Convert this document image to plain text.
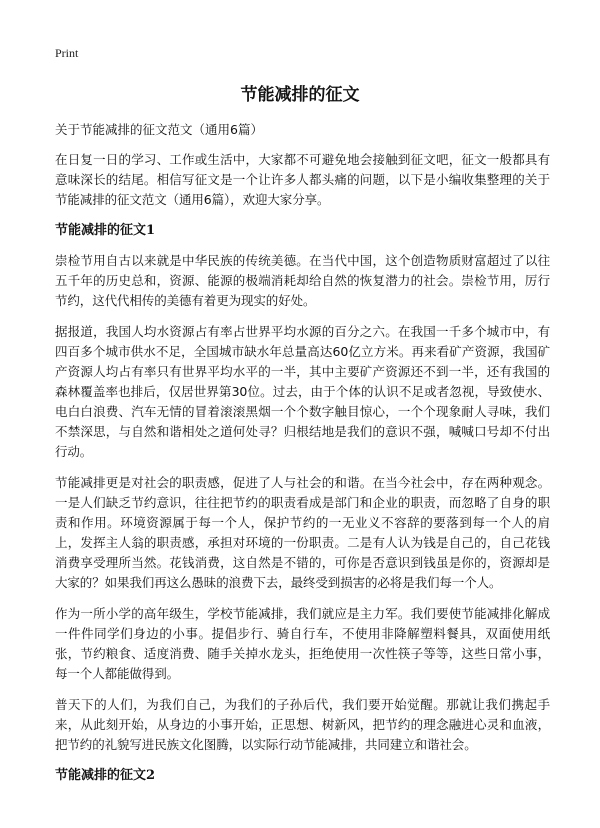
Print
节能减排的征文

关于节能减排的征文范文（通用6篇）

在日复一日的学习、工作或生活中，大家都不可避免地会接触到征文吧，征文一般都具有意味深长的结尾。相信写征文是一个让许多人都头痛的问题，以下是小编收集整理的关于节能减排的征文范文（通用6篇），欢迎大家分享。

节能减排的征文1

崇检节用自古以来就是中华民族的传统美德。在当代中国，这个创造物质财富超过了以往五千年的历史总和，资源、能源的极端消耗却给自然的恢复潜力的社会。崇检节用，厉行节约，这代代相传的美德有着更为现实的好处。

据报道，我国人均水资源占有率占世界平均水源的百分之六。在我国一千多个城市中，有四百多个城市供水不足，全国城市缺水年总量高达60亿立方米。再来看矿产资源，我国矿产资源人均占有率只有世界平均水平的一半，其中主要矿产资源还不到一半，还有我国的森林覆盖率也排后，仅居世界第30位。过去，由于个体的认识不足或者忽视，导致使水、电白白浪费、汽车无情的冒着滚滚黑烟一个个数字触目惊心，一个个现象耐人寻味，我们不禁深思，与自然和谐相处之道何处寻？归根结地是我们的意识不强，喊喊口号却不付出行动。

节能减排更是对社会的职责感，促进了人与社会的和谐。在当今社会中，存在两种观念。一是人们缺乏节约意识，往往把节约的职责看成是部门和企业的职责，而忽略了自身的职责和作用。环境资源属于每一个人，保护节约的一无业义不容辞的要落到每一个人的肩上，发挥主人翁的职责感，承担对环境的一份职责。二是有人认为钱是自己的，自己花钱消费享受理所当然。花钱消费，这自然是不错的，可你是否意识到钱虽是你的，资源却是大家的？如果我们再这么愚昧的浪费下去，最终受到损害的必将是我们每一个人。

作为一所小学的高年级生，学校节能减排，我们就应是主力军。我们要使节能减排化解成一件件同学们身边的小事。提倡步行、骑自行车，不使用非降解塑料餐具，双面使用纸张，节约粮食、适度消费、随手关掉水龙头，拒绝使用一次性筷子等等，这些日常小事，每一个人都能做得到。

普天下的人们，为我们自己，为我们的子孙后代，我们要开始觉醒。那就让我们携起手来，从此刻开始，从身边的小事开始，正思想、树新风，把节约的理念融进心灵和血液，把节约的礼貌写进民族文化图腾，以实际行动节能减排，共同建立和谐社会。

节能减排的征文2
